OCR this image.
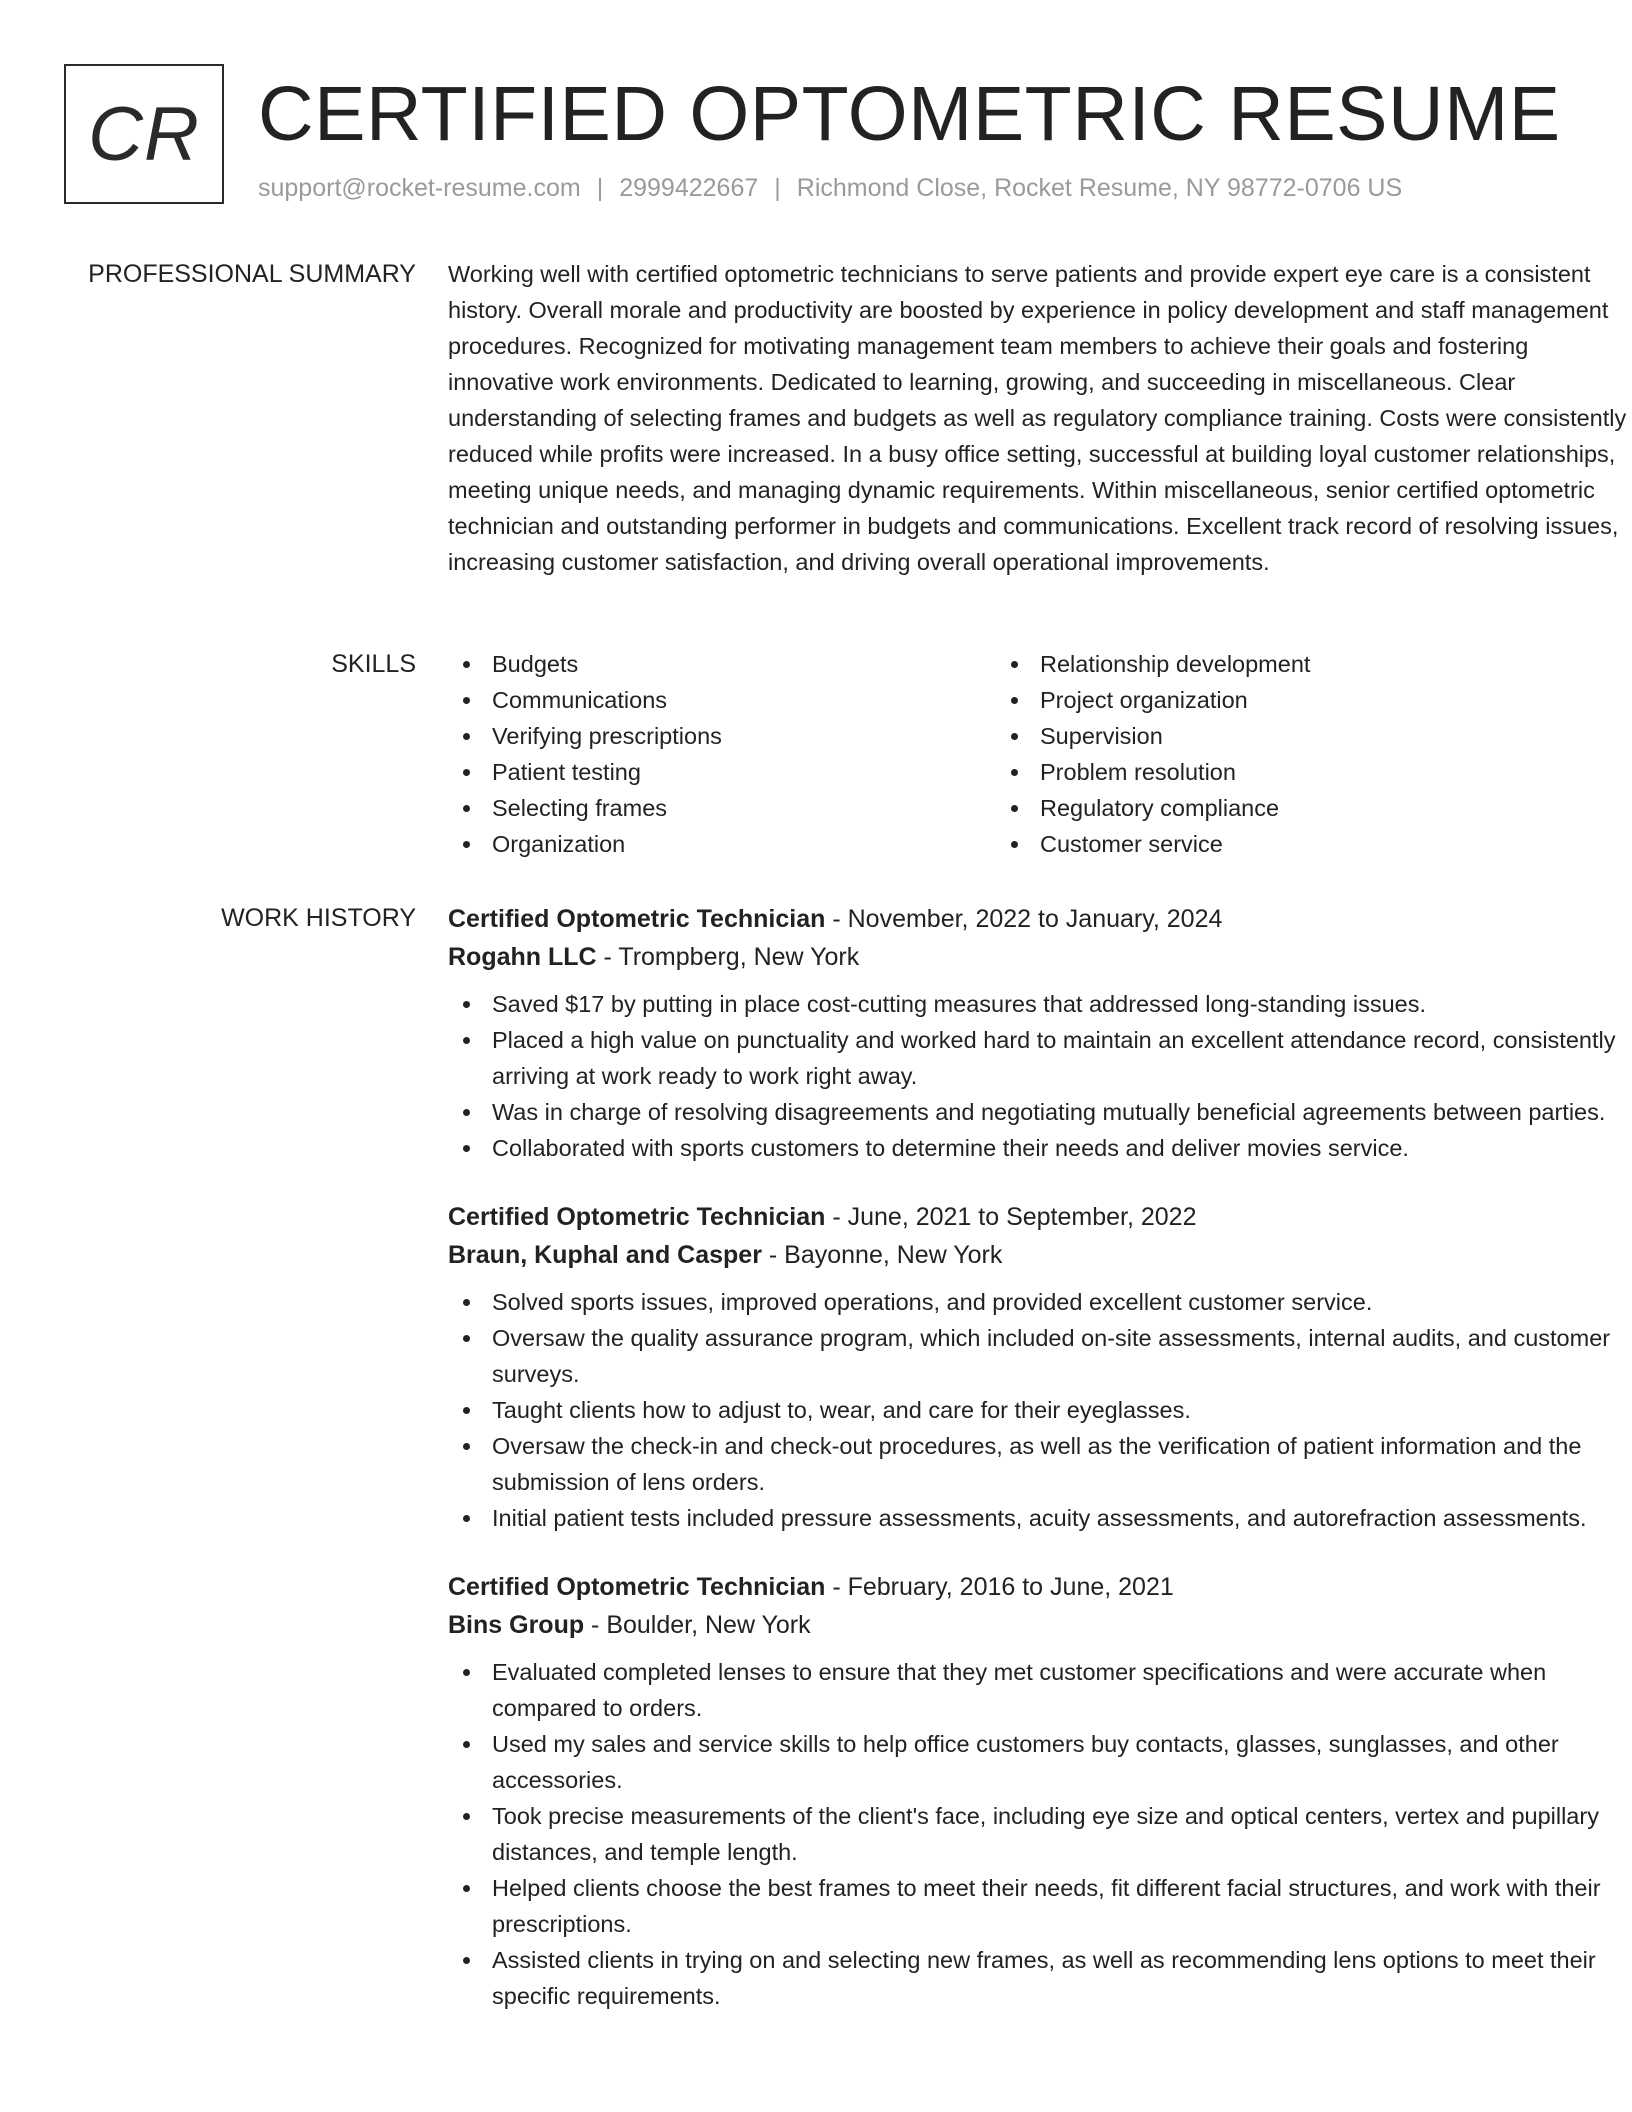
CR CERTIFIED OPTOMETRIC RESUME
support@rocket-resume.com | 2999422667 | Richmond Close, Rocket Resume, NY 98772-0706 US
PROFESSIONAL SUMMARY Working well with certified optometric technicians to serve patients and provide expert eye care is a consistent history. Overall morale and productivity are boosted by experience in policy development and staff management procedures. Recognized for motivating management team members to achieve their goals and fostering innovative work environments. Dedicated to learning, growing, and succeeding in miscellaneous. Clear understanding of selecting frames and budgets as well as regulatory compliance training. Costs were consistently reduced while profits were increased. In a busy office setting, successful at building loyal customer relationships, meeting unique needs, and managing dynamic requirements. Within miscellaneous, senior certified optometric technician and outstanding performer in budgets and communications. Excellent track record of resolving issues, increasing customer satisfaction, and driving overall operational improvements.

SKILLS	Budgets
Communications
Verifying prescriptions
Patient testing
Selecting frames
Organization
Relationship development
Project organization
Supervision
Problem resolution
Regulatory compliance
Customer service
WORK HISTORY Certified Optometric Technician - November, 2022 to January, 2024
Rogahn LLC - Trompberg, New York
Saved $17 by putting in place cost-cutting measures that addressed long-standing issues.
Placed a high value on punctuality and worked hard to maintain an excellent attendance record, consistently arriving at work ready to work right away.
Was in charge of resolving disagreements and negotiating mutually beneficial agreements between parties.
Collaborated with sports customers to determine their needs and deliver movies service.
Certified Optometric Technician - June, 2021 to September, 2022
Braun, Kuphal and Casper - Bayonne, New York
Solved sports issues, improved operations, and provided excellent customer service.
Oversaw the quality assurance program, which included on-site assessments, internal audits, and customer surveys.
Taught clients how to adjust to, wear, and care for their eyeglasses.
Oversaw the check-in and check-out procedures, as well as the verification of patient information and the submission of lens orders.
Initial patient tests included pressure assessments, acuity assessments, and autorefraction assessments.
Certified Optometric Technician - February, 2016 to June, 2021
Bins Group - Boulder, New York
Evaluated completed lenses to ensure that they met customer specifications and were accurate when compared to orders.
Used my sales and service skills to help office customers buy contacts, glasses, sunglasses, and other accessories.
Took precise measurements of the client's face, including eye size and optical centers, vertex and pupillary distances, and temple length.
Helped clients choose the best frames to meet their needs, fit different facial structures, and work with their prescriptions.
Assisted clients in trying on and selecting new frames, as well as recommending lens options to meet their specific requirements.
